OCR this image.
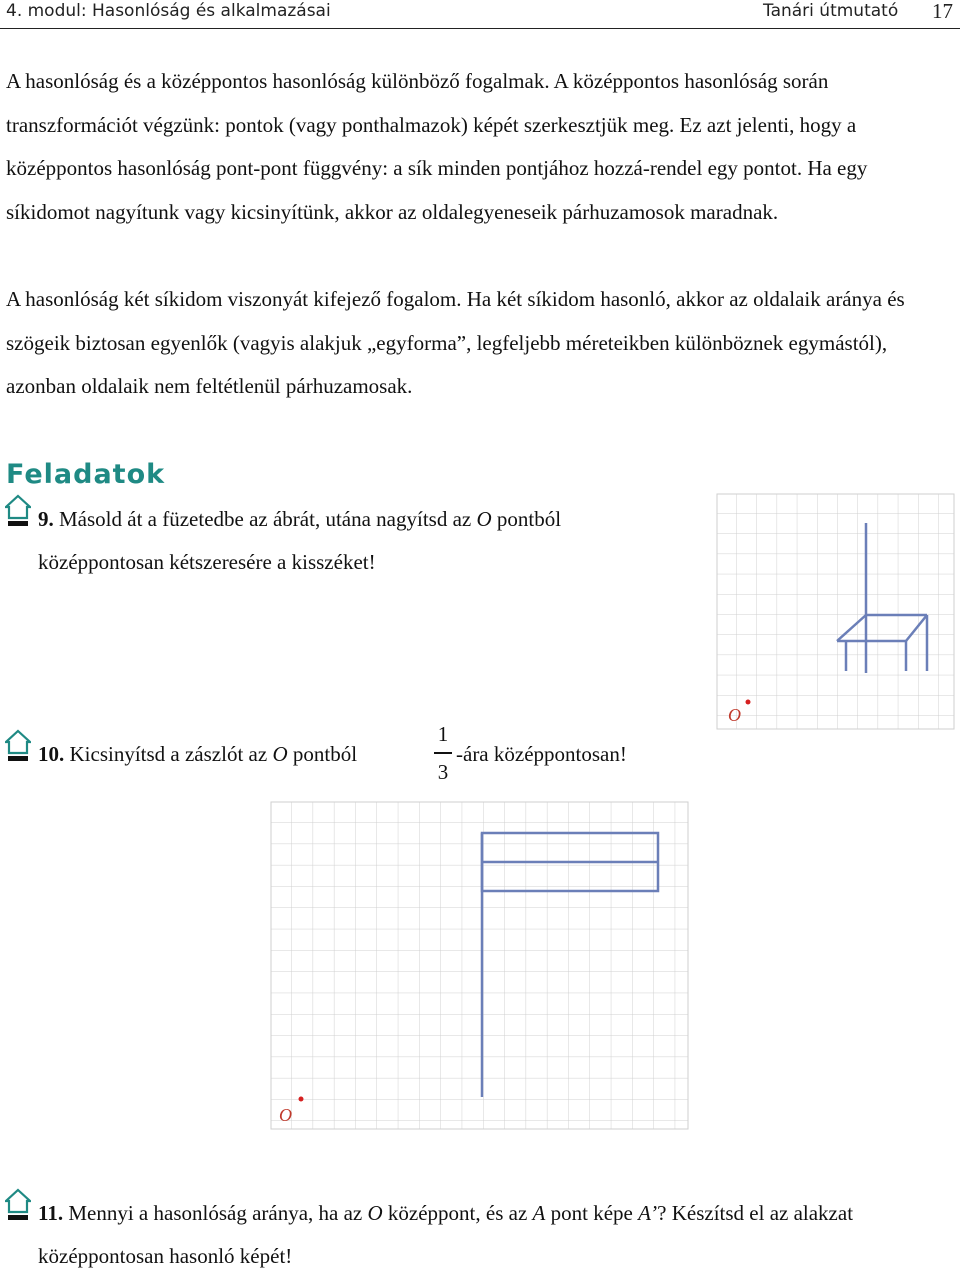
4. modul: Hasonlóság és alkalmazásai	Tanári útmutató 17

A hasonlóság és a középpontos hasonlóság különböző fogalmak. A középpontos hasonlóság során transzformációt végzünk: pontok (vagy ponthalmazok) képét szerkesztjük meg. Ez azt jelenti, hogy a középpontos hasonlóság pont-pont függvény: a sík minden pontjához hozzá-rendel egy pontot. Ha egy síkidomot nagyítunk vagy kicsinyítünk, akkor az oldalegyeneseik párhuzamosok maradnak.

A hasonlóság két síkidom viszonyát kifejező fogalom. Ha két síkidom hasonló, akkor az oldalaik aránya és szögeik biztosan egyenlők (vagyis alakjuk „egyforma”, legfeljebb méreteikben különböznek egymástól), azonban oldalaik nem feltétlenül párhuzamosak.

Feladatok
9. Másold át a füzetedbe az ábrát, utána nagyítsd az O pontból középpontosan kétszeresére a kisszéket!
O
10. Kicsinyítsd a zászlót az O pontból
1
3
-ára középpontosan!
O
11. Mennyi a hasonlóság aránya, ha az O középpont, és az A pont képe A’? Készítsd el az alakzat középpontosan hasonló képét!
